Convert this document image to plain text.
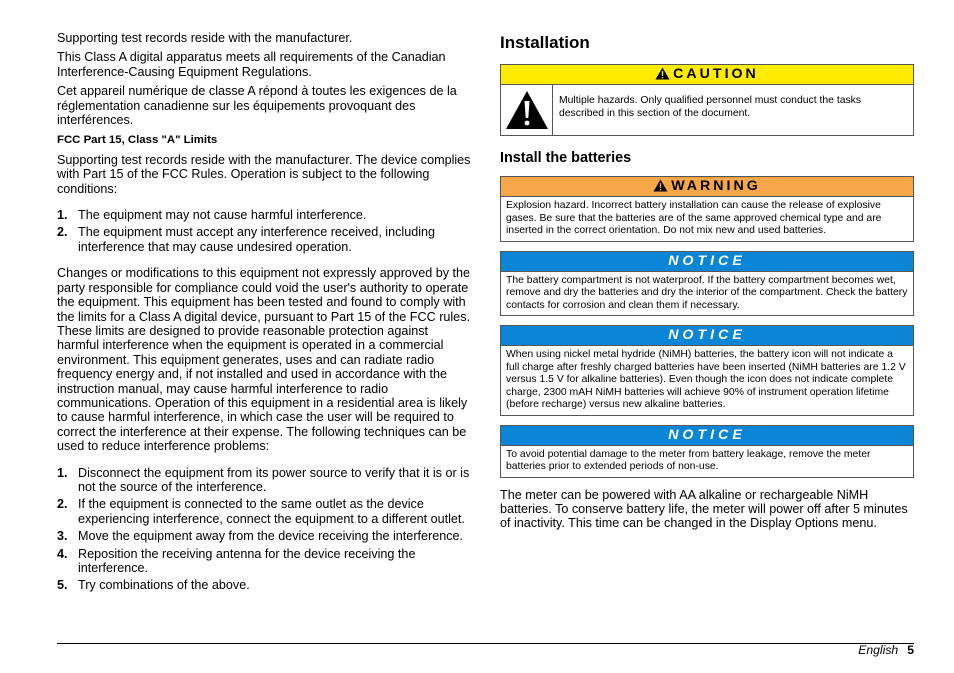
Supporting test records reside with the manufacturer.

This Class A digital apparatus meets all requirements of the Canadian Interference-Causing Equipment Regulations.

Cet appareil numérique de classe A répond à toutes les exigences de la réglementation canadienne sur les équipements provoquant des interférences.

FCC Part 15, Class "A" Limits

Supporting test records reside with the manufacturer. The device complies with Part 15 of the FCC Rules. Operation is subject to the following conditions:

1. The equipment may not cause harmful interference.
2. The equipment must accept any interference received, including interference that may cause undesired operation.

Changes or modifications to this equipment not expressly approved by the party responsible for compliance could void the user's authority to operate the equipment. This equipment has been tested and found to comply with the limits for a Class A digital device, pursuant to Part 15 of the FCC rules. These limits are designed to provide reasonable protection against harmful interference when the equipment is operated in a commercial environment. This equipment generates, uses and can radiate radio frequency energy and, if not installed and used in accordance with the instruction manual, may cause harmful interference to radio communications. Operation of this equipment in a residential area is likely to cause harmful interference, in which case the user will be required to correct the interference at their expense. The following techniques can be used to reduce interference problems:

1. Disconnect the equipment from its power source to verify that it is or is not the source of the interference.
2. If the equipment is connected to the same outlet as the device experiencing interference, connect the equipment to a different outlet.
3. Move the equipment away from the device receiving the interference.
4. Reposition the receiving antenna for the device receiving the interference.
5. Try combinations of the above.
Installation
CAUTION
Multiple hazards. Only qualified personnel must conduct the tasks described in this section of the document.
Install the batteries
WARNING
Explosion hazard. Incorrect battery installation can cause the release of explosive gases. Be sure that the batteries are of the same approved chemical type and are inserted in the correct orientation. Do not mix new and used batteries.
NOTICE
The battery compartment is not waterproof. If the battery compartment becomes wet, remove and dry the batteries and dry the interior of the compartment. Check the battery contacts for corrosion and clean them if necessary.
NOTICE
When using nickel metal hydride (NiMH) batteries, the battery icon will not indicate a full charge after freshly charged batteries have been inserted (NiMH batteries are 1.2 V versus 1.5 V for alkaline batteries). Even though the icon does not indicate complete charge, 2300 mAH NiMH batteries will achieve 90% of instrument operation lifetime (before recharge) versus new alkaline batteries.
NOTICE
To avoid potential damage to the meter from battery leakage, remove the meter batteries prior to extended periods of non-use.

The meter can be powered with AA alkaline or rechargeable NiMH batteries. To conserve battery life, the meter will power off after 5 minutes of inactivity. This time can be changed in the Display Options menu.

English 5
